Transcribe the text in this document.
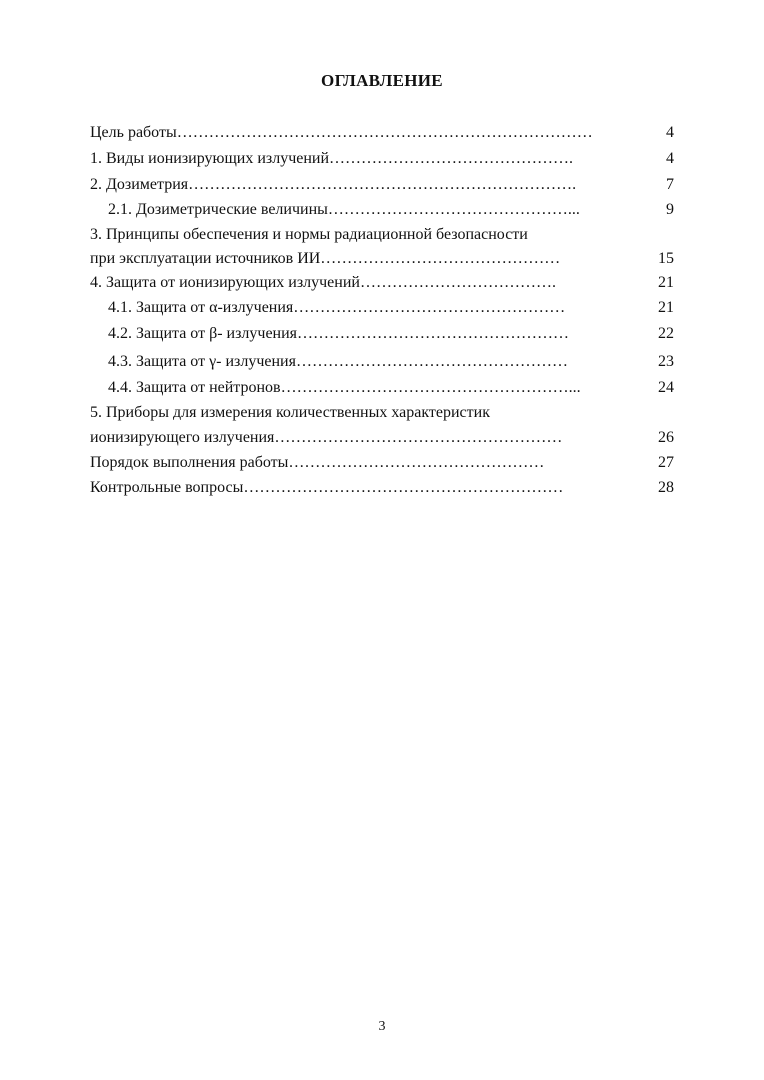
ОГЛАВЛЕНИЕ
Цель работы……………………………………………………………………	4
1. Виды ионизирующих излучений……………………………………….	4
2. Дозиметрия……………………………………………………………….	7
2.1. Дозиметрические величины………………………………………...	9
3. Принципы обеспечения и нормы радиационной безопасности
при эксплуатации источников ИИ………………………………………	15
4. Защита от ионизирующих излучений……………………………….	21
4.1. Защита от α-излучения……………………………………………	21
4.2. Защита от β- излучения……………………………………………	22
4.3. Защита от γ- излучения……………………………………………	23
4.4. Защита от нейтронов………………………………………………...	24
5. Приборы для измерения количественных характеристик
ионизирующего излучения………………………………………………	26
Порядок выполнения работы…………………………………………	27
Контрольные вопросы……………………………………………………	28
3
